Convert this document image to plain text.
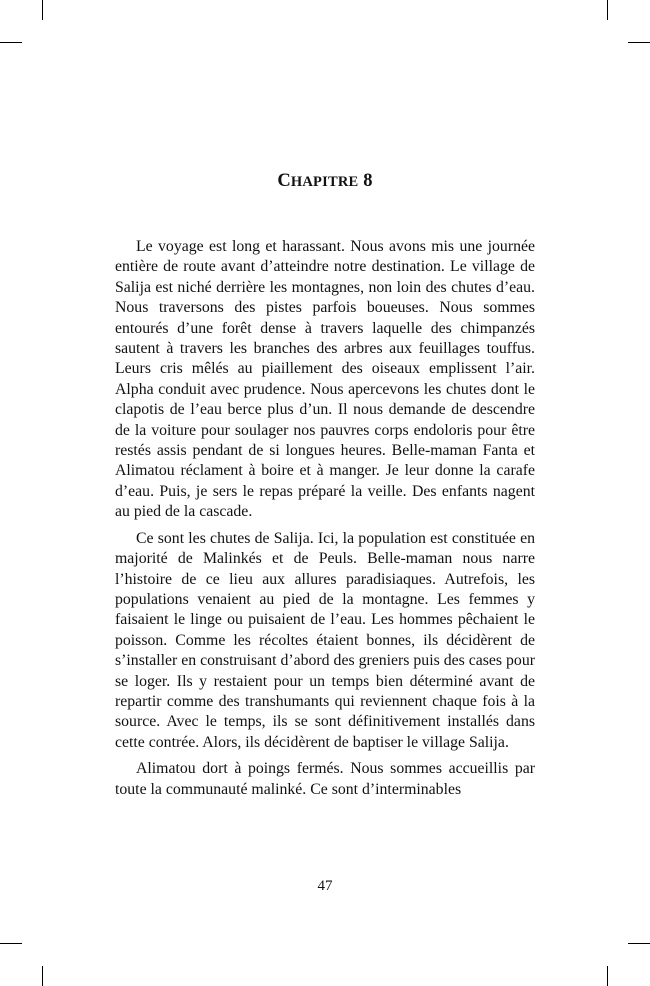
CHAPITRE 8

Le voyage est long et harassant. Nous avons mis une journée entière de route avant d’atteindre notre destination. Le village de Salija est niché derrière les montagnes, non loin des chutes d’eau. Nous traversons des pistes parfois boueuses. Nous sommes entourés d’une forêt dense à travers laquelle des chimpanzés sautent à travers les branches des arbres aux feuillages touffus. Leurs cris mêlés au piaillement des oiseaux emplissent l’air. Alpha conduit avec prudence. Nous apercevons les chutes dont le clapotis de l’eau berce plus d’un. Il nous demande de descendre de la voiture pour soulager nos pauvres corps endoloris pour être restés assis pendant de si longues heures. Belle-maman Fanta et Alimatou réclament à boire et à manger. Je leur donne la carafe d’eau. Puis, je sers le repas préparé la veille. Des enfants nagent au pied de la cascade.

Ce sont les chutes de Salija. Ici, la population est constituée en majorité de Malinkés et de Peuls. Belle-maman nous narre l’histoire de ce lieu aux allures paradisiaques. Autrefois, les populations venaient au pied de la montagne. Les femmes y faisaient le linge ou puisaient de l’eau. Les hommes pêchaient le poisson. Comme les récoltes étaient bonnes, ils décidèrent de s’installer en construisant d’abord des greniers puis des cases pour se loger. Ils y restaient pour un temps bien déterminé avant de repartir comme des transhumants qui reviennent chaque fois à la source. Avec le temps, ils se sont définitivement installés dans cette contrée. Alors, ils décidèrent de baptiser le village Salija.

Alimatou dort à poings fermés. Nous sommes accueillis par toute la communauté malinké. Ce sont d’interminables

47
